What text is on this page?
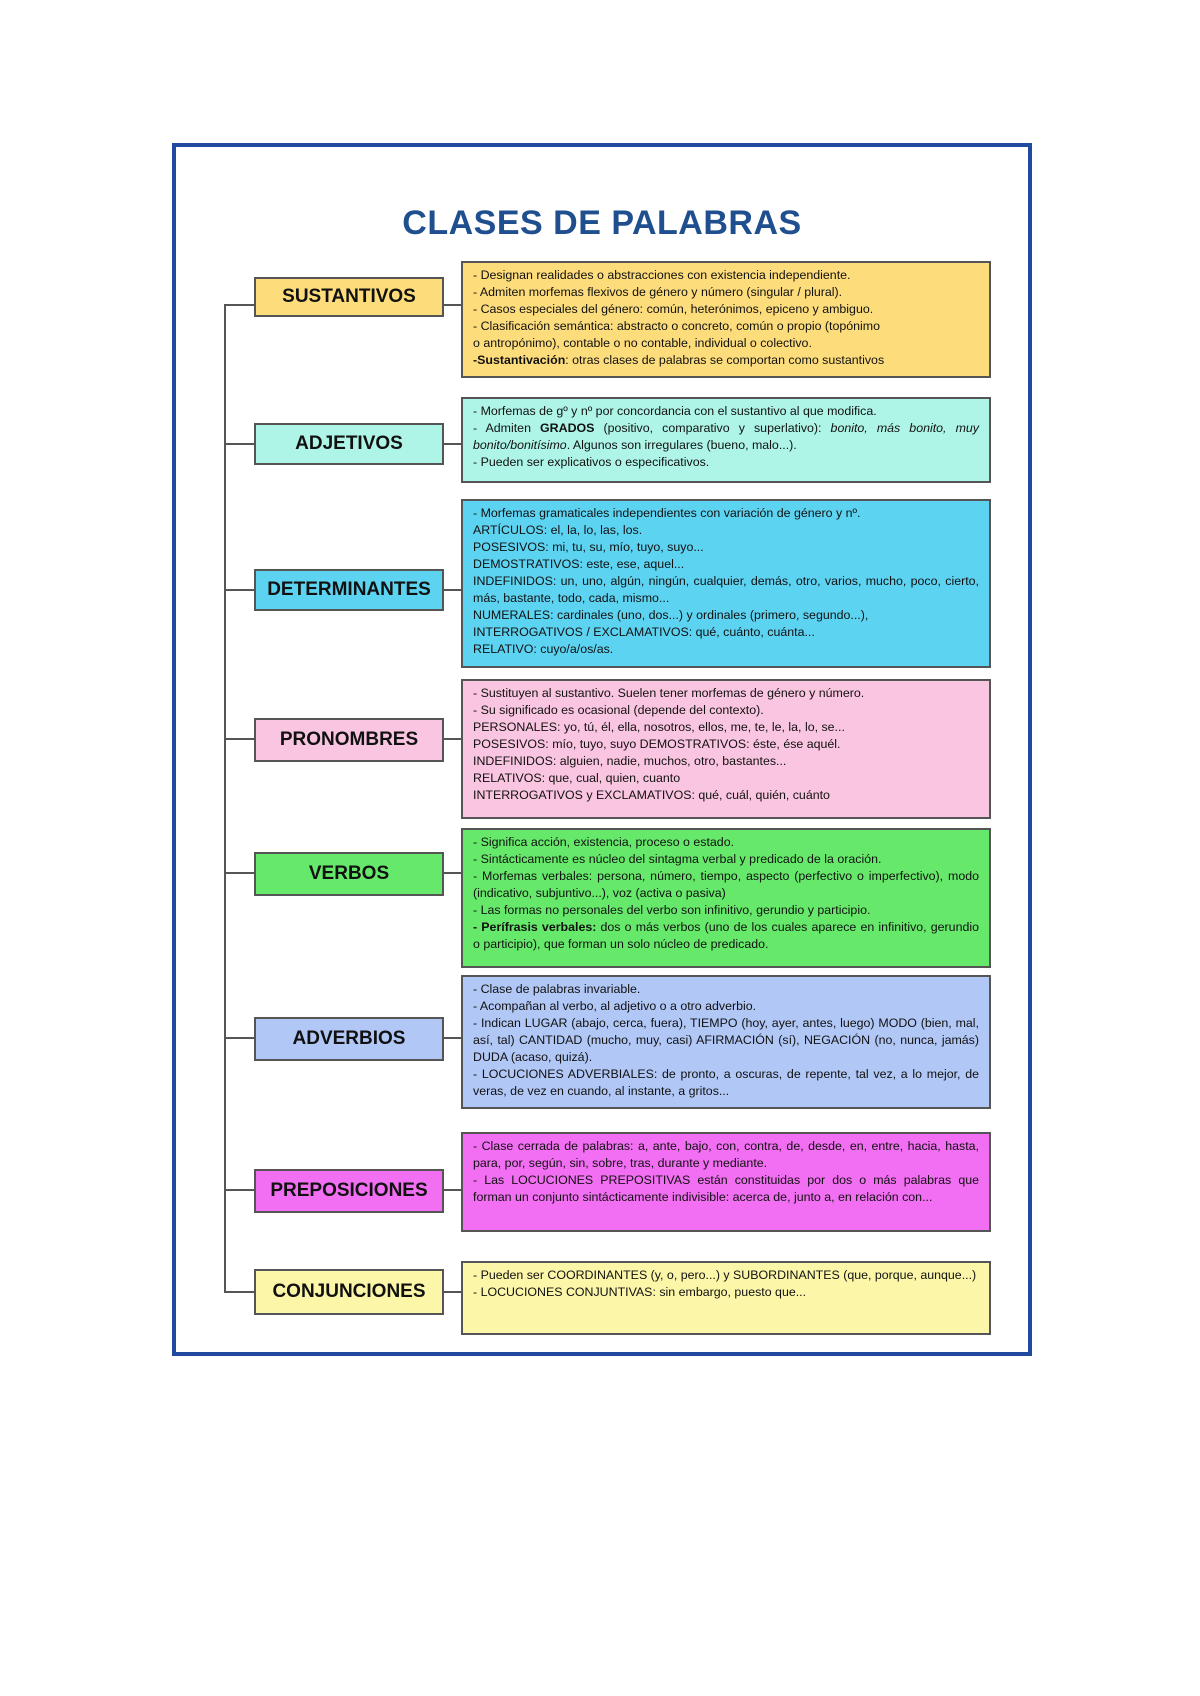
CLASES DE PALABRAS
SUSTANTIVOS
- Designan realidades o abstracciones con existencia independiente.
- Admiten morfemas flexivos de género y número (singular / plural).
- Casos especiales del género: común, heterónimos, epiceno y ambiguo.
- Clasificación semántica: abstracto o concreto, común o propio (topónimo
o antropónimo), contable o no contable, individual o colectivo.
-Sustantivación: otras clases de palabras se comportan como sustantivos
ADJETIVOS
- Morfemas de gº y nº por concordancia con el sustantivo al que modifica.
- Admiten GRADOS (positivo, comparativo y superlativo): bonito, más bonito, muy bonito/bonitísimo. Algunos son irregulares (bueno, malo...).
- Pueden ser explicativos o especificativos.
DETERMINANTES
- Morfemas gramaticales independientes con variación de género y nº.
ARTÍCULOS: el, la, lo, las, los.
POSESIVOS: mi, tu, su, mío, tuyo, suyo...
DEMOSTRATIVOS: este, ese, aquel...
INDEFINIDOS: un, uno, algún, ningún, cualquier, demás, otro, varios, mucho, poco, cierto, más, bastante, todo, cada, mismo...
NUMERALES: cardinales (uno, dos...) y ordinales (primero, segundo...),
INTERROGATIVOS / EXCLAMATIVOS: qué, cuánto, cuánta...
RELATIVO: cuyo/a/os/as.
PRONOMBRES
- Sustituyen al sustantivo. Suelen tener morfemas de género y número.
- Su significado es ocasional (depende del contexto).
PERSONALES: yo, tú, él, ella, nosotros, ellos, me, te, le, la, lo, se...
POSESIVOS: mío, tuyo, suyo DEMOSTRATIVOS: éste, ése aquél.
INDEFINIDOS: alguien, nadie, muchos, otro, bastantes...
RELATIVOS: que, cual, quien, cuanto
INTERROGATIVOS y EXCLAMATIVOS: qué, cuál, quién, cuánto
VERBOS
- Significa acción, existencia, proceso o estado.
- Sintácticamente es núcleo del sintagma verbal y predicado de la oración.
- Morfemas verbales: persona, número, tiempo, aspecto (perfectivo o imperfectivo), modo (indicativo, subjuntivo...), voz (activa o pasiva)
- Las formas no personales del verbo son infinitivo, gerundio y participio.
- Perífrasis verbales: dos o más verbos (uno de los cuales aparece en infinitivo, gerundio o participio), que forman un solo núcleo de predicado.
ADVERBIOS
- Clase de palabras invariable.
- Acompañan al verbo, al adjetivo o a otro adverbio.
- Indican LUGAR (abajo, cerca, fuera), TIEMPO (hoy, ayer, antes, luego) MODO (bien, mal, así, tal) CANTIDAD (mucho, muy, casi) AFIRMACIÓN (sí), NEGACIÓN (no, nunca, jamás) DUDA (acaso, quizá).
- LOCUCIONES ADVERBIALES: de pronto, a oscuras, de repente, tal vez, a lo mejor, de veras, de vez en cuando, al instante, a gritos...
PREPOSICIONES
- Clase cerrada de palabras: a, ante, bajo, con, contra, de, desde, en, entre, hacia, hasta, para, por, según, sin, sobre, tras, durante y mediante.
- Las LOCUCIONES PREPOSITIVAS están constituidas por dos o más palabras que forman un conjunto sintácticamente indivisible: acerca de, junto a, en relación con...
CONJUNCIONES
- Pueden ser COORDINANTES (y, o, pero...) y SUBORDINANTES (que, porque, aunque...)
- LOCUCIONES CONJUNTIVAS: sin embargo, puesto que...
